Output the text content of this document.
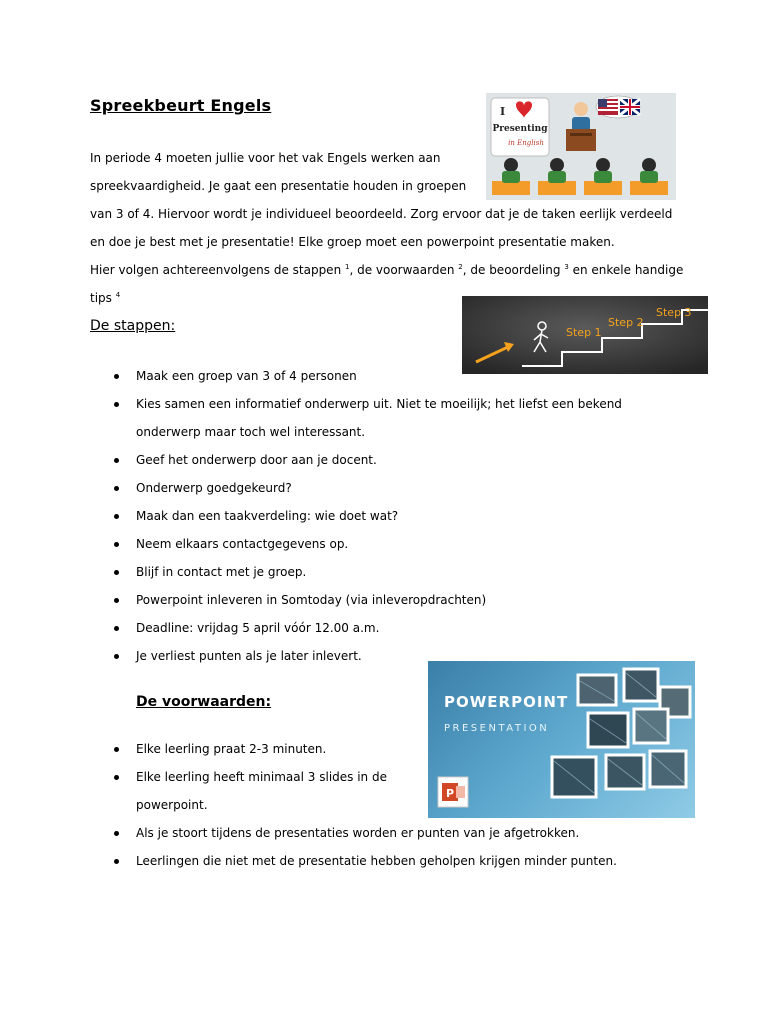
Spreekbeurt Engels
In periode 4 moeten jullie voor het vak Engels werken aan
spreekvaardigheid. Je gaat een presentatie houden in groepen
van 3 of 4. Hiervoor wordt je individueel beoordeeld. Zorg ervoor dat je de taken eerlijk verdeeld
en doe je best met je presentatie! Elke groep moet een powerpoint presentatie maken.
Hier volgen achtereenvolgens de stappen $^1$, de voorwaarden $^2$, de beoordeling $^3$ en enkele handige
tips $^4$
De stappen:
Maak een groep van 3 of 4 personen
Kies samen een informatief onderwerp uit. Niet te moeilijk; het liefst een bekend
onderwerp maar toch wel interessant.
Geef het onderwerp door aan je docent.
Onderwerp goedgekeurd?
Maak dan een taakverdeling: wie doet wat?
Neem elkaars contactgegevens op.
Blijf in contact met je groep.
Powerpoint inleveren in Somtoday (via inleveropdrachten)
Deadline: vrijdag 5 april vóór 12.00 a.m.
Je verliest punten als je later inlevert.
De voorwaarden:
Elke leerling praat 2-3 minuten.
Elke leerling heeft minimaal 3 slides in de
powerpoint.
Als je stoort tijdens de presentaties worden er punten van je afgetrokken.
Leerlingen die niet met de presentatie hebben geholpen krijgen minder punten.
I
Presenting
in English
Step 1
Step 2
Step 3
POWERPOINT
PRESENTATION
P
